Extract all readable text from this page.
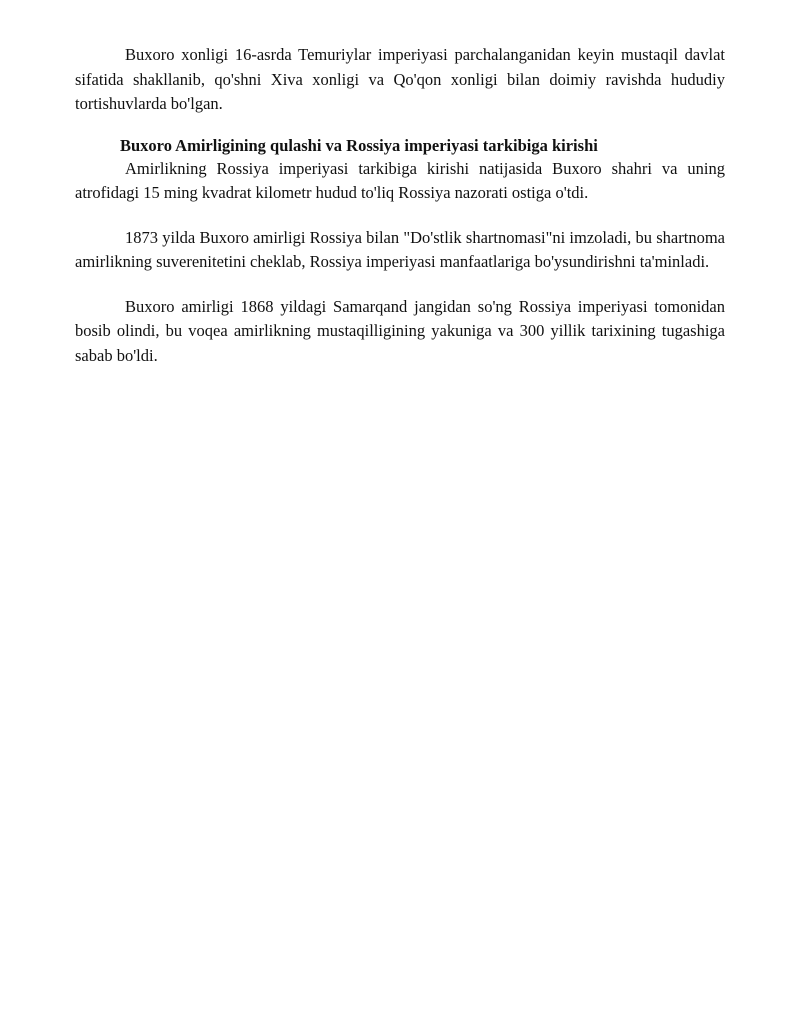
Buxoro xonligi 16-asrda Temuriylar imperiyasi parchalanganidan keyin mustaqil davlat sifatida shakllanib, qo'shni Xiva xonligi va Qo'qon xonligi bilan doimiy ravishda hududiy tortishuvlarda bo'lgan.

Buxoro Amirligining qulashi va Rossiya imperiyasi tarkibiga kirishi

Amirlikning Rossiya imperiyasi tarkibiga kirishi natijasida Buxoro shahri va uning atrofidagi 15 ming kvadrat kilometr hudud to'liq Rossiya nazorati ostiga o'tdi.

1873 yilda Buxoro amirligi Rossiya bilan "Do'stlik shartnomasi"ni imzoladi, bu shartnoma amirlikning suverenitetini cheklab, Rossiya imperiyasi manfaatlariga bo'ysundirishni ta'minladi.

Buxoro amirligi 1868 yildagi Samarqand jangidan so'ng Rossiya imperiyasi tomonidan bosib olindi, bu voqea amirlikning mustaqilligining yakuniga va 300 yillik tarixining tugashiga sabab bo'ldi.
